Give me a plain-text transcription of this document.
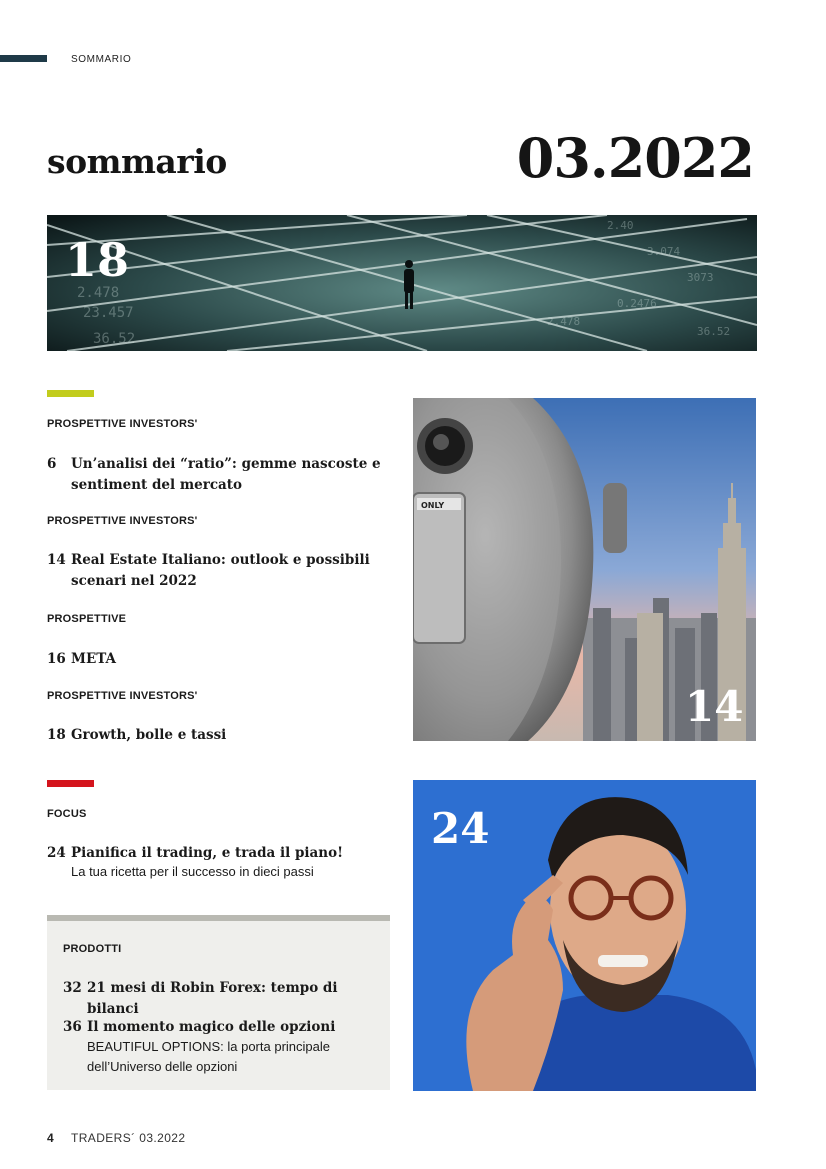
SOMMARIO
sommario	03.2022
2.40
3.074
3073
0.2476
2.478
23.457
36.52	36.52
2.478
18
PROSPETTIVE INVESTORS'
6 Un’analisi dei “ratio”: gemme nascoste e sentiment del mercato
PROSPETTIVE INVESTORS'
14 Real Estate Italiano: outlook e possibili scenari nel 2022
PROSPETTIVE
16 META
PROSPETTIVE INVESTORS'
18 Growth, bolle e tassi
FOCUS
24 Pianifica il trading, e trada il piano!
La tua ricetta per il successo in dieci passi
PRODOTTI
32 21 mesi di Robin Forex: tempo di bilanci
36 Il momento magico delle opzioni
BEAUTIFUL OPTIONS: la porta principale dell’Universo delle opzioni
ONLY
14
24
4 TRADERS´ 03.2022
